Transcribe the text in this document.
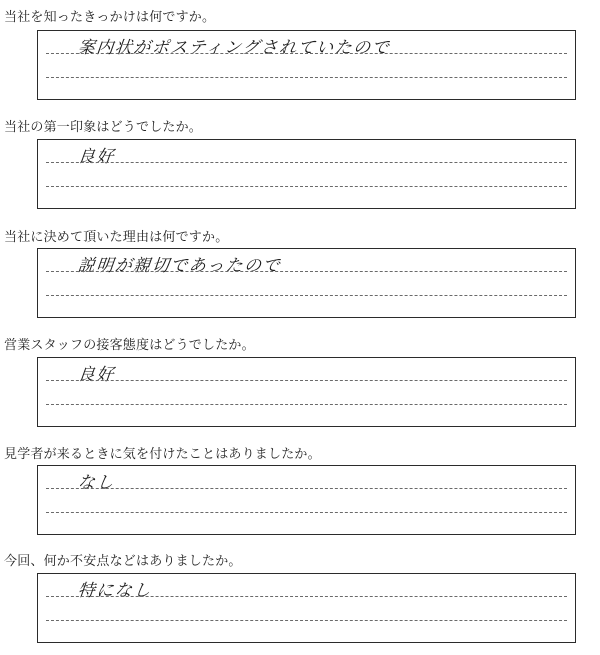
当社を知ったきっかけは何ですか。
案内状がポスティングされていたので
当社の第一印象はどうでしたか。
良好
当社に決めて頂いた理由は何ですか。
説明が親切であったので
営業スタッフの接客態度はどうでしたか。
良好
見学者が来るときに気を付けたことはありましたか。
なし
今回、何か不安点などはありましたか。
特になし
